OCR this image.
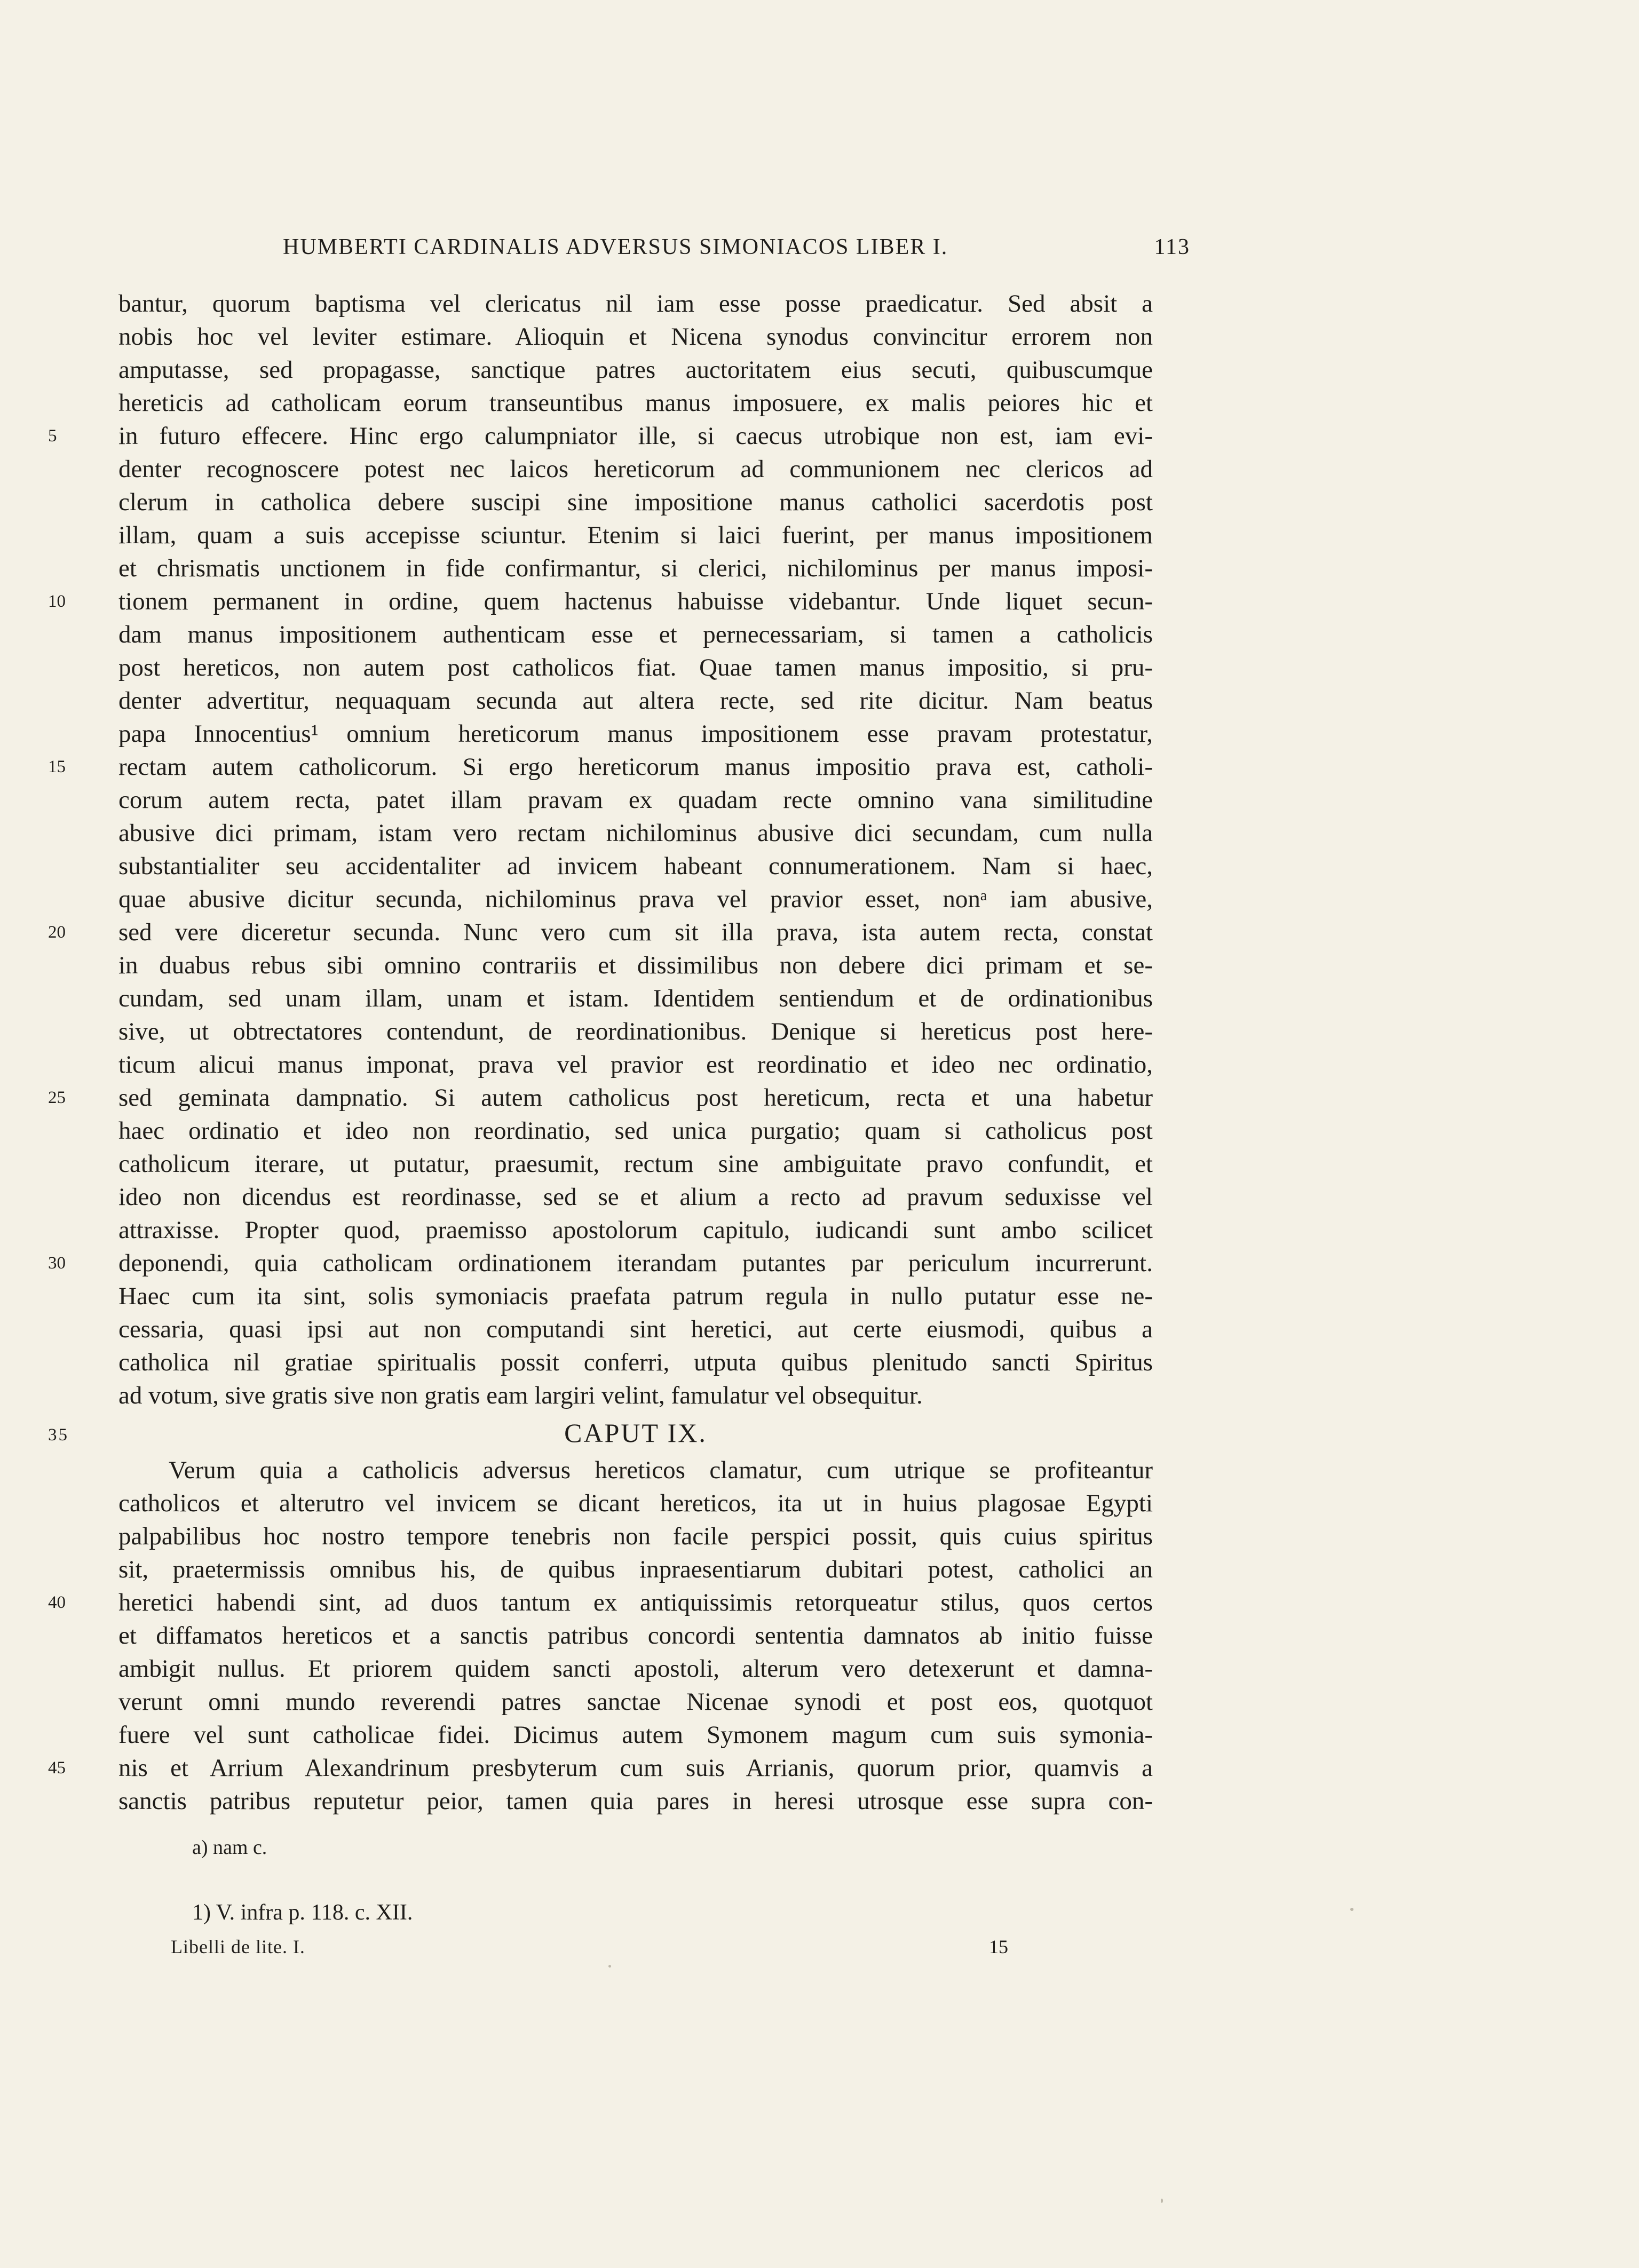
HUMBERTI CARDINALIS ADVERSUS SIMONIACOS LIBER I.	113
bantur, quorum baptisma vel clericatus nil iam esse posse praedicatur. Sed absit a
nobis hoc vel leviter estimare. Alioquin et Nicena synodus convincitur errorem non
amputasse, sed propagasse, sanctique patres auctoritatem eius secuti, quibuscumque
hereticis ad catholicam eorum transeuntibus manus imposuere, ex malis peiores hic et
5	in futuro effecere. Hinc ergo calumpniator ille, si caecus utrobique non est, iam evi-
denter recognoscere potest nec laicos hereticorum ad communionem nec clericos ad
clerum in catholica debere suscipi sine impositione manus catholici sacerdotis post
illam, quam a suis accepisse sciuntur. Etenim si laici fuerint, per manus impositionem
et chrismatis unctionem in fide confirmantur, si clerici, nichilominus per manus imposi-
10	tionem permanent in ordine, quem hactenus habuisse videbantur. Unde liquet secun-
dam manus impositionem authenticam esse et pernecessariam, si tamen a catholicis
post hereticos, non autem post catholicos fiat. Quae tamen manus impositio, si pru-
denter advertitur, nequaquam secunda aut altera recte, sed rite dicitur. Nam beatus
papa Innocentius¹ omnium hereticorum manus impositionem esse pravam protestatur,
15	rectam autem catholicorum. Si ergo hereticorum manus impositio prava est, catholi-
corum autem recta, patet illam pravam ex quadam recte omnino vana similitudine
abusive dici primam, istam vero rectam nichilominus abusive dici secundam, cum nulla
substantialiter seu accidentaliter ad invicem habeant connumerationem. Nam si haec,
quae abusive dicitur secunda, nichilominus prava vel pravior esset, nonᵃ iam abusive,
20	sed vere diceretur secunda. Nunc vero cum sit illa prava, ista autem recta, constat
in duabus rebus sibi omnino contrariis et dissimilibus non debere dici primam et se-
cundam, sed unam illam, unam et istam. Identidem sentiendum et de ordinationibus
sive, ut obtrectatores contendunt, de reordinationibus. Denique si hereticus post here-
ticum alicui manus imponat, prava vel pravior est reordinatio et ideo nec ordinatio,
25	sed geminata dampnatio. Si autem catholicus post hereticum, recta et una habetur
haec ordinatio et ideo non reordinatio, sed unica purgatio; quam si catholicus post
catholicum iterare, ut putatur, praesumit, rectum sine ambiguitate pravo confundit, et
ideo non dicendus est reordinasse, sed se et alium a recto ad pravum seduxisse vel
attraxisse. Propter quod, praemisso apostolorum capitulo, iudicandi sunt ambo scilicet
30	deponendi, quia catholicam ordinationem iterandam putantes par periculum incurrerunt.
Haec cum ita sint, solis symoniacis praefata patrum regula in nullo putatur esse ne-
cessaria, quasi ipsi aut non computandi sint heretici, aut certe eiusmodi, quibus a
catholica nil gratiae spiritualis possit conferri, utputa quibus plenitudo sancti Spiritus
ad votum, sive gratis sive non gratis eam largiri velint, famulatur vel obsequitur.
35	CAPUT IX.
Verum quia a catholicis adversus hereticos clamatur, cum utrique se profiteantur
catholicos et alterutro vel invicem se dicant hereticos, ita ut in huius plagosae Egypti
palpabilibus hoc nostro tempore tenebris non facile perspici possit, quis cuius spiritus
sit, praetermissis omnibus his, de quibus inpraesentiarum dubitari potest, catholici an
40	heretici habendi sint, ad duos tantum ex antiquissimis retorqueatur stilus, quos certos
et diffamatos hereticos et a sanctis patribus concordi sententia damnatos ab initio fuisse
ambigit nullus. Et priorem quidem sancti apostoli, alterum vero detexerunt et damna-
verunt omni mundo reverendi patres sanctae Nicenae synodi et post eos, quotquot
fuere vel sunt catholicae fidei. Dicimus autem Symonem magum cum suis symonia-
45	nis et Arrium Alexandrinum presbyterum cum suis Arrianis, quorum prior, quamvis a
sanctis patribus reputetur peior, tamen quia pares in heresi utrosque esse supra con-
a) nam c.
1) V. infra p. 118. c. XII.
Libelli de lite. I.	15
